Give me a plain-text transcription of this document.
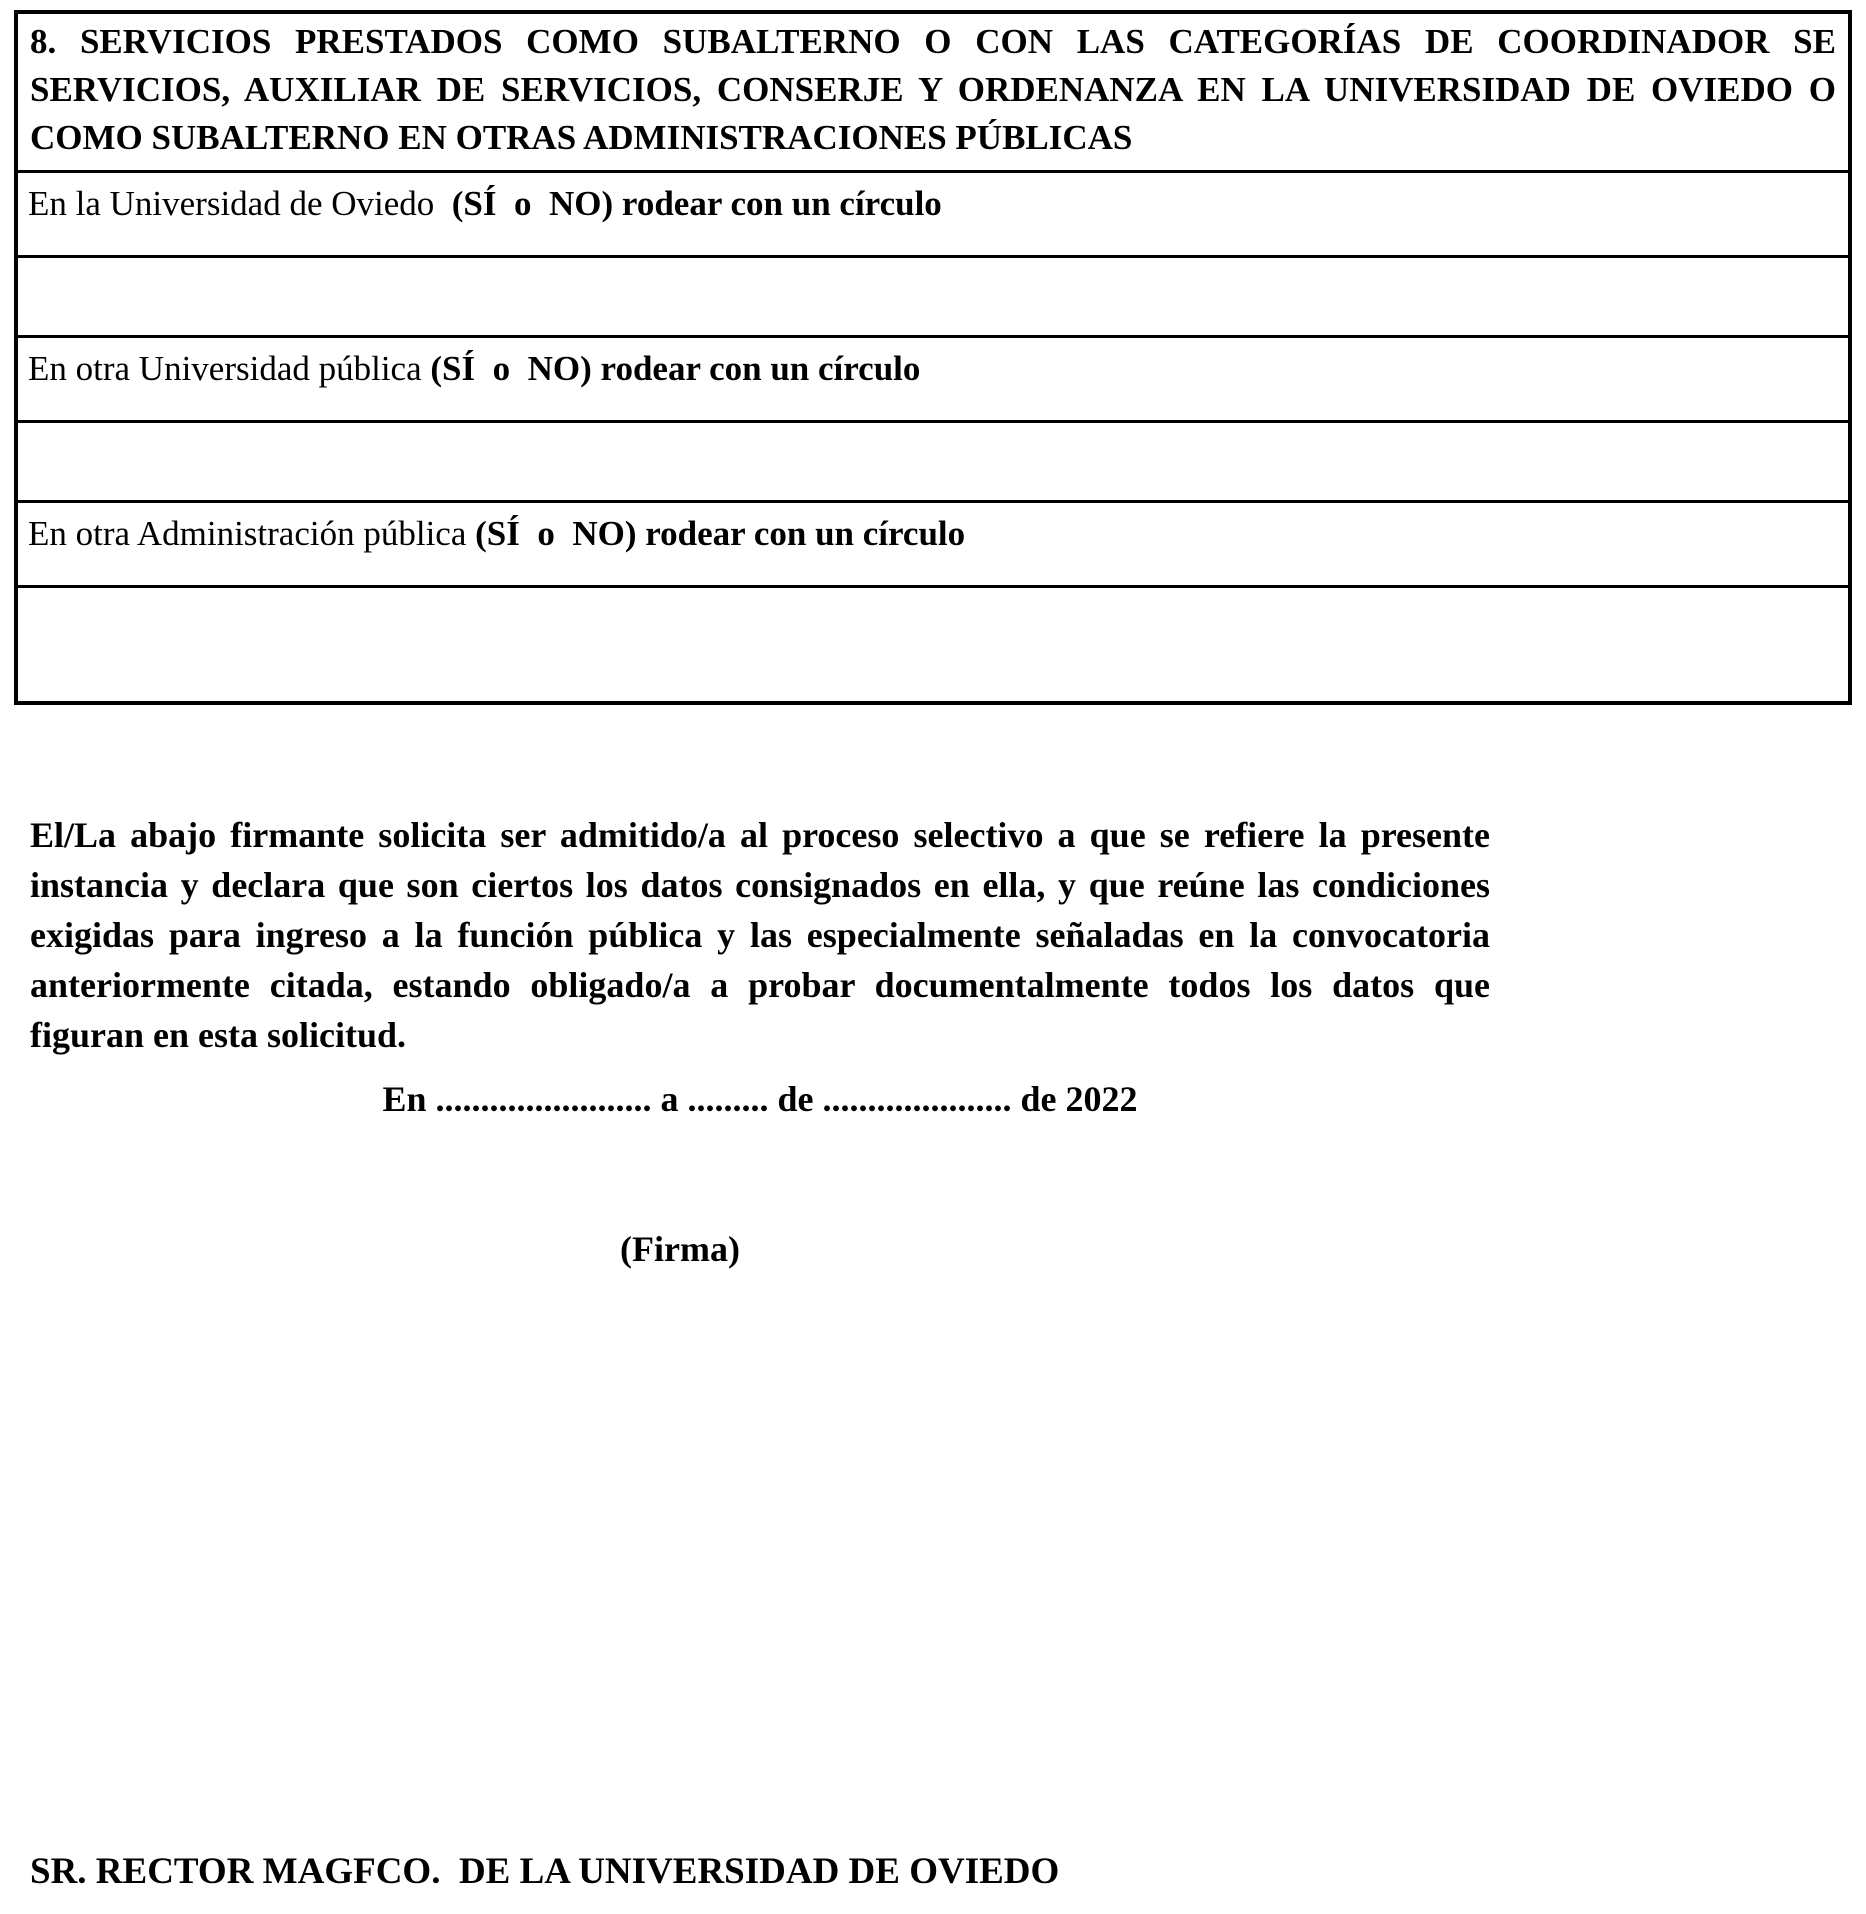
8. SERVICIOS PRESTADOS COMO SUBALTERNO O CON LAS CATEGORÍAS DE COORDINADOR SE SERVICIOS, AUXILIAR DE SERVICIOS, CONSERJE Y ORDENANZA EN LA UNIVERSIDAD DE OVIEDO O COMO SUBALTERNO EN OTRAS ADMINISTRACIONES PÚBLICAS
En la Universidad de Oviedo  (SÍ  o  NO) rodear con un círculo
En otra Universidad pública (SÍ  o  NO) rodear con un círculo
En otra Administración pública (SÍ  o  NO) rodear con un círculo
El/La abajo firmante solicita ser admitido/a al proceso selectivo a que se refiere la presente instancia y declara que son ciertos los datos consignados en ella, y que reúne las condiciones exigidas para ingreso a la función pública y las especialmente señaladas en la convocatoria anteriormente citada, estando obligado/a a probar documentalmente todos los datos que figuran en esta solicitud.
En ........................ a ......... de ..................... de 2022
(Firma)
SR. RECTOR MAGFCO.  DE LA UNIVERSIDAD DE OVIEDO
